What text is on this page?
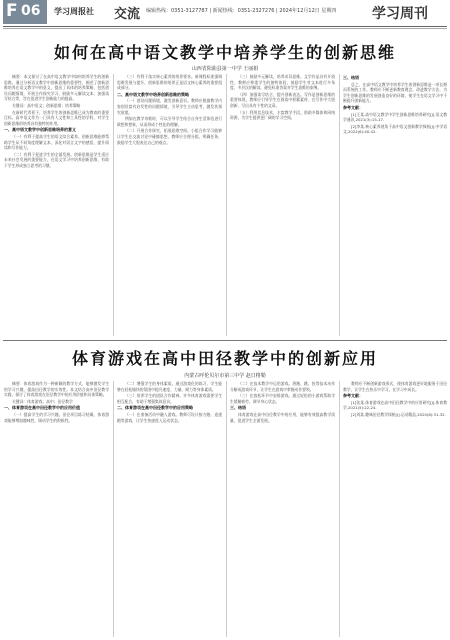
F 06 学习周报社 交流 编辑热线：0351-3127787 | 新闻热线：0351-2327276 | 2024年12月12日 星期四	学习周刊
如何在高中语文教学中培养学生的创新思维
山西省阳曲县第一中学 王丽娟

摘要：本文探讨了在高中语文教学中如何培养学生的创新思维。通过分析语文教学中创新思维的重要性，阐述了创新思维培养在语文教学中的意义，提出了具体的培养策略，包括创设问题情境、开展合作探究学习、鼓励多元解读文本、加强读写结合等，旨在促进学生创新能力的提高。

关键词：高中语文；创新思维；培养策略

在新时代背景下，培养学生的创新思维已成为教育的重要目标。高中语文作为一门具有人文性和工具性的学科，对学生创新思维的培养具有独特的作用。

一、高中语文教学中创新思维培养的意义

（一）有利于提高学生的语文综合素养。创新思维能够帮助学生从不同角度理解文本，深化对语言文字的感悟，提升阅读和写作能力。

（二）有利于促进学生的全面发展。创新思维是学生适应未来社会发展的重要能力，在语文学习中培养创新思维，有助于学生形成独立思考的习惯。

（三）有利于落实核心素养的培养要求。新课程标准强调思维发展与提升，创新思维的培养正是语文核心素养的重要组成部分。

二、高中语文教学中培养创新思维的策略

（一）创设问题情境，激发创新意识。教师应根据教学内容创设富有启发性的问题情境，引导学生主动思考，激发其探究欲望。

例如在教学诗歌时，可以引导学生结合自身生活体验进行联想和想象，从而形成个性化的理解。

（二）开展合作探究，拓展思维空间。小组合作学习能够让学生在交流讨论中碰撞思想，教师应合理分组，明确任务，鼓励学生大胆表达自己的观点。

（三）鼓励多元解读，培养求异思维。文学作品具有开放性，教师应尊重学生的独特体验，鼓励学生对文本进行多角度、多层次的解读，避免标准答案对学生思维的束缚。

（四）加强读写结合，提升创新表达。写作是创新思维的重要体现，教师应引导学生在阅读中积累素材，在写作中大胆创新，写出具有个性的文章。

（五）利用信息技术，丰富教学手段。借助多媒体和网络资源，为学生提供更广阔的学习空间。

三、结语

总之，在高中语文教学中培养学生的创新思维是一项长期而系统的工作。教师应不断更新教育理念，改进教学方法，为学生创新思维的发展创造良好的环境，使学生在语文学习中不断提升创新能力。

参考文献：

[1]王某.高中语文教学中学生创新思维培养研究[J].语文教学通讯,2021(3):15-17.

[2]李某.核心素养视角下高中语文创新教学探析[J].中学语文,2022(6):40-42.

体育游戏在高中田径教学中的创新应用
内蒙古呼伦贝尔市第三中学 赵日格勒

摘要：体育游戏作为一种新颖的教学方式，能够激发学生的学习兴趣，提高田径教学的实效性。本文结合高中田径教学实践，探讨了体育游戏在田径教学中的应用价值和具体策略。

关键词：体育游戏；高中；田径教学

一、体育游戏在高中田径教学中的应用价值

（一）提高学生的学习兴趣。田径项目练习枯燥，体育游戏能够增加趣味性，调动学生的积极性。

（二）增强学生的身体素质。通过游戏化的练习，学生能够在轻松愉快的氛围中提升速度、力量、耐力等身体素质。

（三）培养学生的团队合作精神。许多体育游戏需要学生相互配合，有助于增强集体意识。

二、体育游戏在高中田径教学中的应用策略

（一）在准备活动中融入游戏。教师可设计接力跑、追逐跑等游戏，让学生快速进入运动状态。

（二）在技术教学中运用游戏。将跑、跳、投等技术动作分解成游戏环节，让学生在游戏中掌握动作要领。

（三）在放松环节中安排游戏。通过轻松的小游戏帮助学生缓解疲劳，调节身心状态。

三、结语

体育游戏在高中田径教学中的应用，能够有效提高教学质量，促进学生全面发展。

教师应不断创新游戏形式，使体育游戏更好地服务于田径教学，让学生在快乐中学习，在学习中成长。

参考文献：

[1]张某.体育游戏在高中田径教学中的应用研究[J].体育教学,2021(5):22-24.

[2]刘某.趣味田径教学探析[J].运动精品,2020(8):31-32.
